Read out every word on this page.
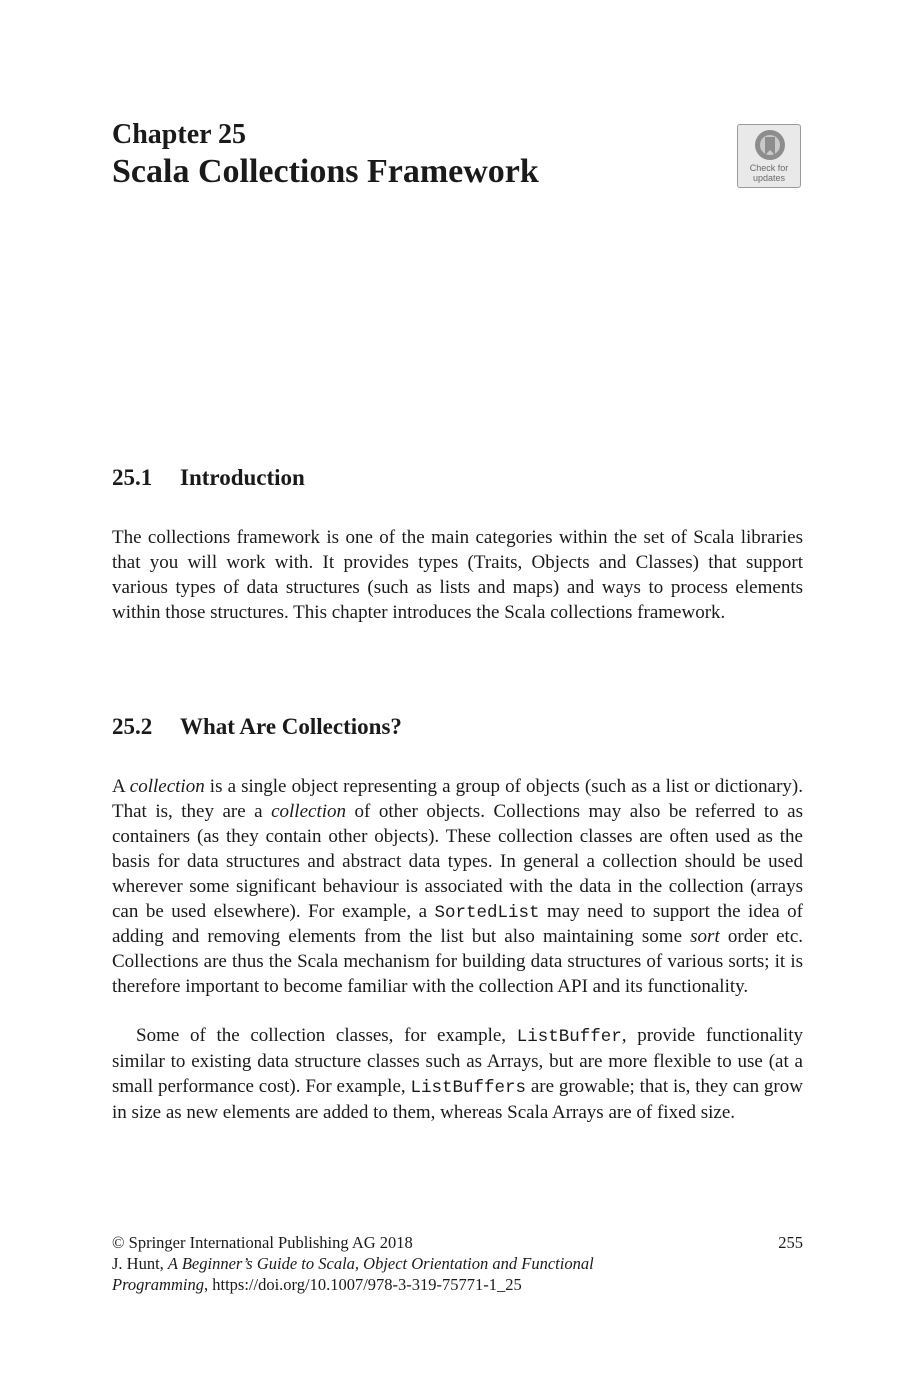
Chapter 25
Scala Collections Framework	Check for
updates
25.1 Introduction

The collections framework is one of the main categories within the set of Scala libraries that you will work with. It provides types (Traits, Objects and Classes) that support various types of data structures (such as lists and maps) and ways to process elements within those structures. This chapter introduces the Scala collections framework.

25.2 What Are Collections?

A collection is a single object representing a group of objects (such as a list or dictionary). That is, they are a collection of other objects. Collections may also be referred to as containers (as they contain other objects). These collection classes are often used as the basis for data structures and abstract data types. In general a collection should be used wherever some significant behaviour is associated with the data in the collection (arrays can be used elsewhere). For example, a SortedList may need to support the idea of adding and removing elements from the list but also maintaining some sort order etc. Collections are thus the Scala mechanism for building data structures of various sorts; it is therefore important to become familiar with the collection API and its functionality.

Some of the collection classes, for example, ListBuffer, provide functionality similar to existing data structure classes such as Arrays, but are more flexible to use (at a small performance cost). For example, ListBuffers are growable; that is, they can grow in size as new elements are added to them, whereas Scala Arrays are of fixed size.

© Springer International Publishing AG 2018	255
J. Hunt, A Beginner’s Guide to Scala, Object Orientation and Functional
Programming, https://doi.org/10.1007/978-3-319-75771-1_25
